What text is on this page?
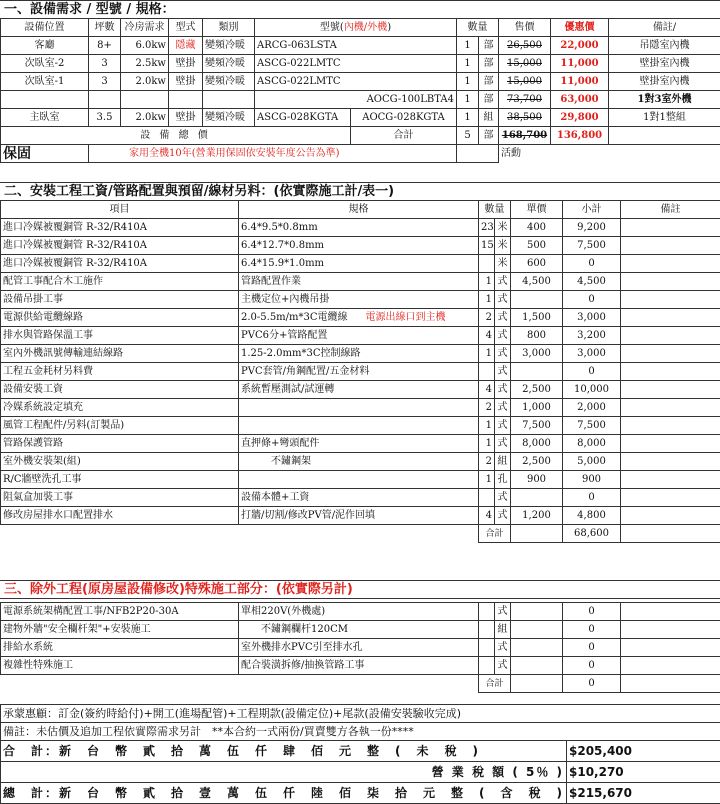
一、設備需求 / 型號 / 規格：
設備位置	坪數	冷房需求	型式	類別	型號(內機/外機)		數量		售價	優惠價	備註/
客廳	8+	6.0kw	隱藏	變頻冷暖	ARCG-063LSTA		1	部	26,500	22,000	吊隱室內機
次臥室-2	3	2.5kw	壁掛	變頻冷暖	ASCG-022LMTC		1	部	15,000	11,000	壁掛室內機
次臥室-1	3	2.0kw	壁掛	變頻冷暖	ASCG-022LMTC		1	部	15,000	11,000	壁掛室內機
					AOCG-100LBTA4		1	部	73,700	63,000	1對3室外機
主臥室	3.5	2.0kw	壁掛	變頻冷暖	ASCG-028KGTA	AOCG-028KGTA	1	組	38,500	29,800	1對1整組
設 備 總 價						合計	5	部	168,700	136,800	
保固	家用全機10年(營業用保固依安裝年度公告為準)								活動		
二、安裝工程工資/管路配置與預留/線材另料：(依實際施工計/表一)
項目	規格	數量		單價	小計	備註
進口冷媒被覆銅管 R-32/R410A	6.4*9.5*0.8mm	23	米	400	9,200	
進口冷媒被覆銅管 R-32/R410A	6.4*12.7*0.8mm	15	米	500	7,500	
進口冷媒被覆銅管 R-32/R410A	6.4*15.9*1.0mm		米	600	0	
配管工事配合木工施作	管路配置作業	1	式	4,500	4,500	
設備吊掛工事	主機定位+內機吊掛	1	式		0	
電源供給電纜線路	2.0-5.5m/m*3C電纜線 電源出線口到主機	2	式	1,500	3,000	
排水與管路保溫工事	PVC6分+管路配置	4	式	800	3,200	
室內外機訊號傳輸連結線路	1.25-2.0mm*3C控制線路	1	式	3,000	3,000	
工程五金耗材另料費	PVC套管/角鋼配置/五金材料		式		0	
設備安裝工資	系統暫壓測試/試運轉	4	式	2,500	10,000	
冷媒系統設定填充		2	式	1,000	2,000	
風管工程配件/另料(訂製品)		1	式	7,500	7,500	
管路保護管路	直押條+彎頭配件	1	式	8,000	8,000	
室外機安裝架(組)	　　　不鏽鋼架	2	組	2,500	5,000	
R/C牆壁洗孔工事		1	孔	900	900	
阻氣盒加裝工事	設備本體+工資		式		0	
修改房屋排水口配置排水	打牆/切割/修改PV管/泥作回填	4	式	1,200	4,800	
		合計			68,600	
三、除外工程(原房屋設備修改)特殊施工部分：(依實際另計)
電源系統架構配置工事/NFB2P20-30A	單相220V(外機處)		式		0	
建物外牆"安全欄杆架"+安裝施工	　　不鏽鋼欄杆120CM		組		0	
排給水系統	室外機排水PVC引至排水孔		式		0	
複雜性特殊施工	配合裝潢拆修/抽換管路工事		式		0	
		合計			0	
承蒙惠顧：訂金(簽約時給付)+開工(進場配管)+工程期款(設備定位)+尾款(設備安裝驗收完成)	
備註：未估價及追加工程依實際需求另計　**本合約一式兩份/買賣雙方各執一份****	
合　計：新　台　幣　貳　拾　萬　伍　仟　肆　佰　元　整　(　未　稅　)	$205,400
營 業 稅 額 ( 5％ )	$10,270
總　計：新　台　幣　貳　拾　壹　萬　伍　仟　陸　佰　柒　拾　元　整　(　含　稅　)	$215,670
